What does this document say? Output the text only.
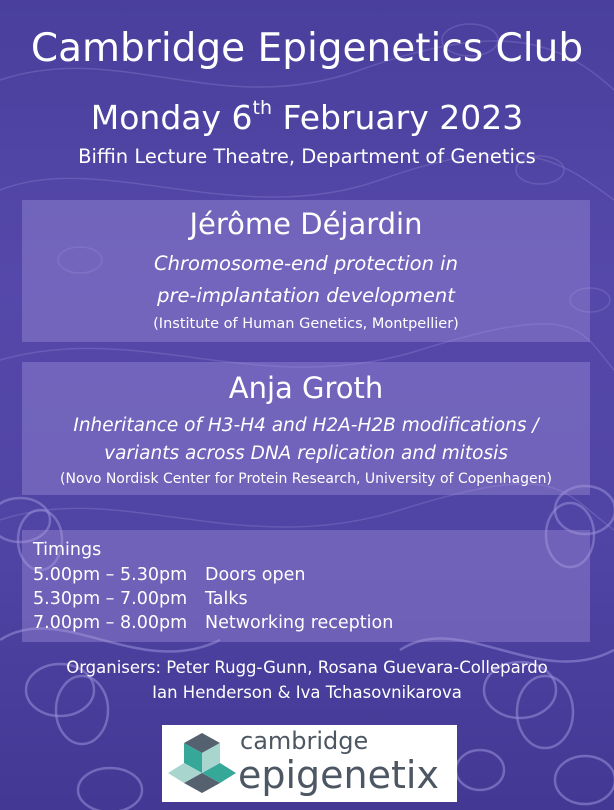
Cambridge Epigenetics Club
Monday 6th February 2023
Biffin Lecture Theatre, Department of Genetics
Jérôme Déjardin
Chromosome-end protection in
pre-implantation development
(Institute of Human Genetics, Montpellier)
Anja Groth
Inheritance of H3-H4 and H2A-H2B modifications /
variants across DNA replication and mitosis
(Novo Nordisk Center for Protein Research, University of Copenhagen)
Timings
5.00pm – 5.30pm Doors open
5.30pm – 7.00pm Talks
7.00pm – 8.00pm Networking reception
Organisers: Peter Rugg-Gunn, Rosana Guevara-Collepardo
Ian Henderson & Iva Tchasovnikarova
cambridge
epigenetix
